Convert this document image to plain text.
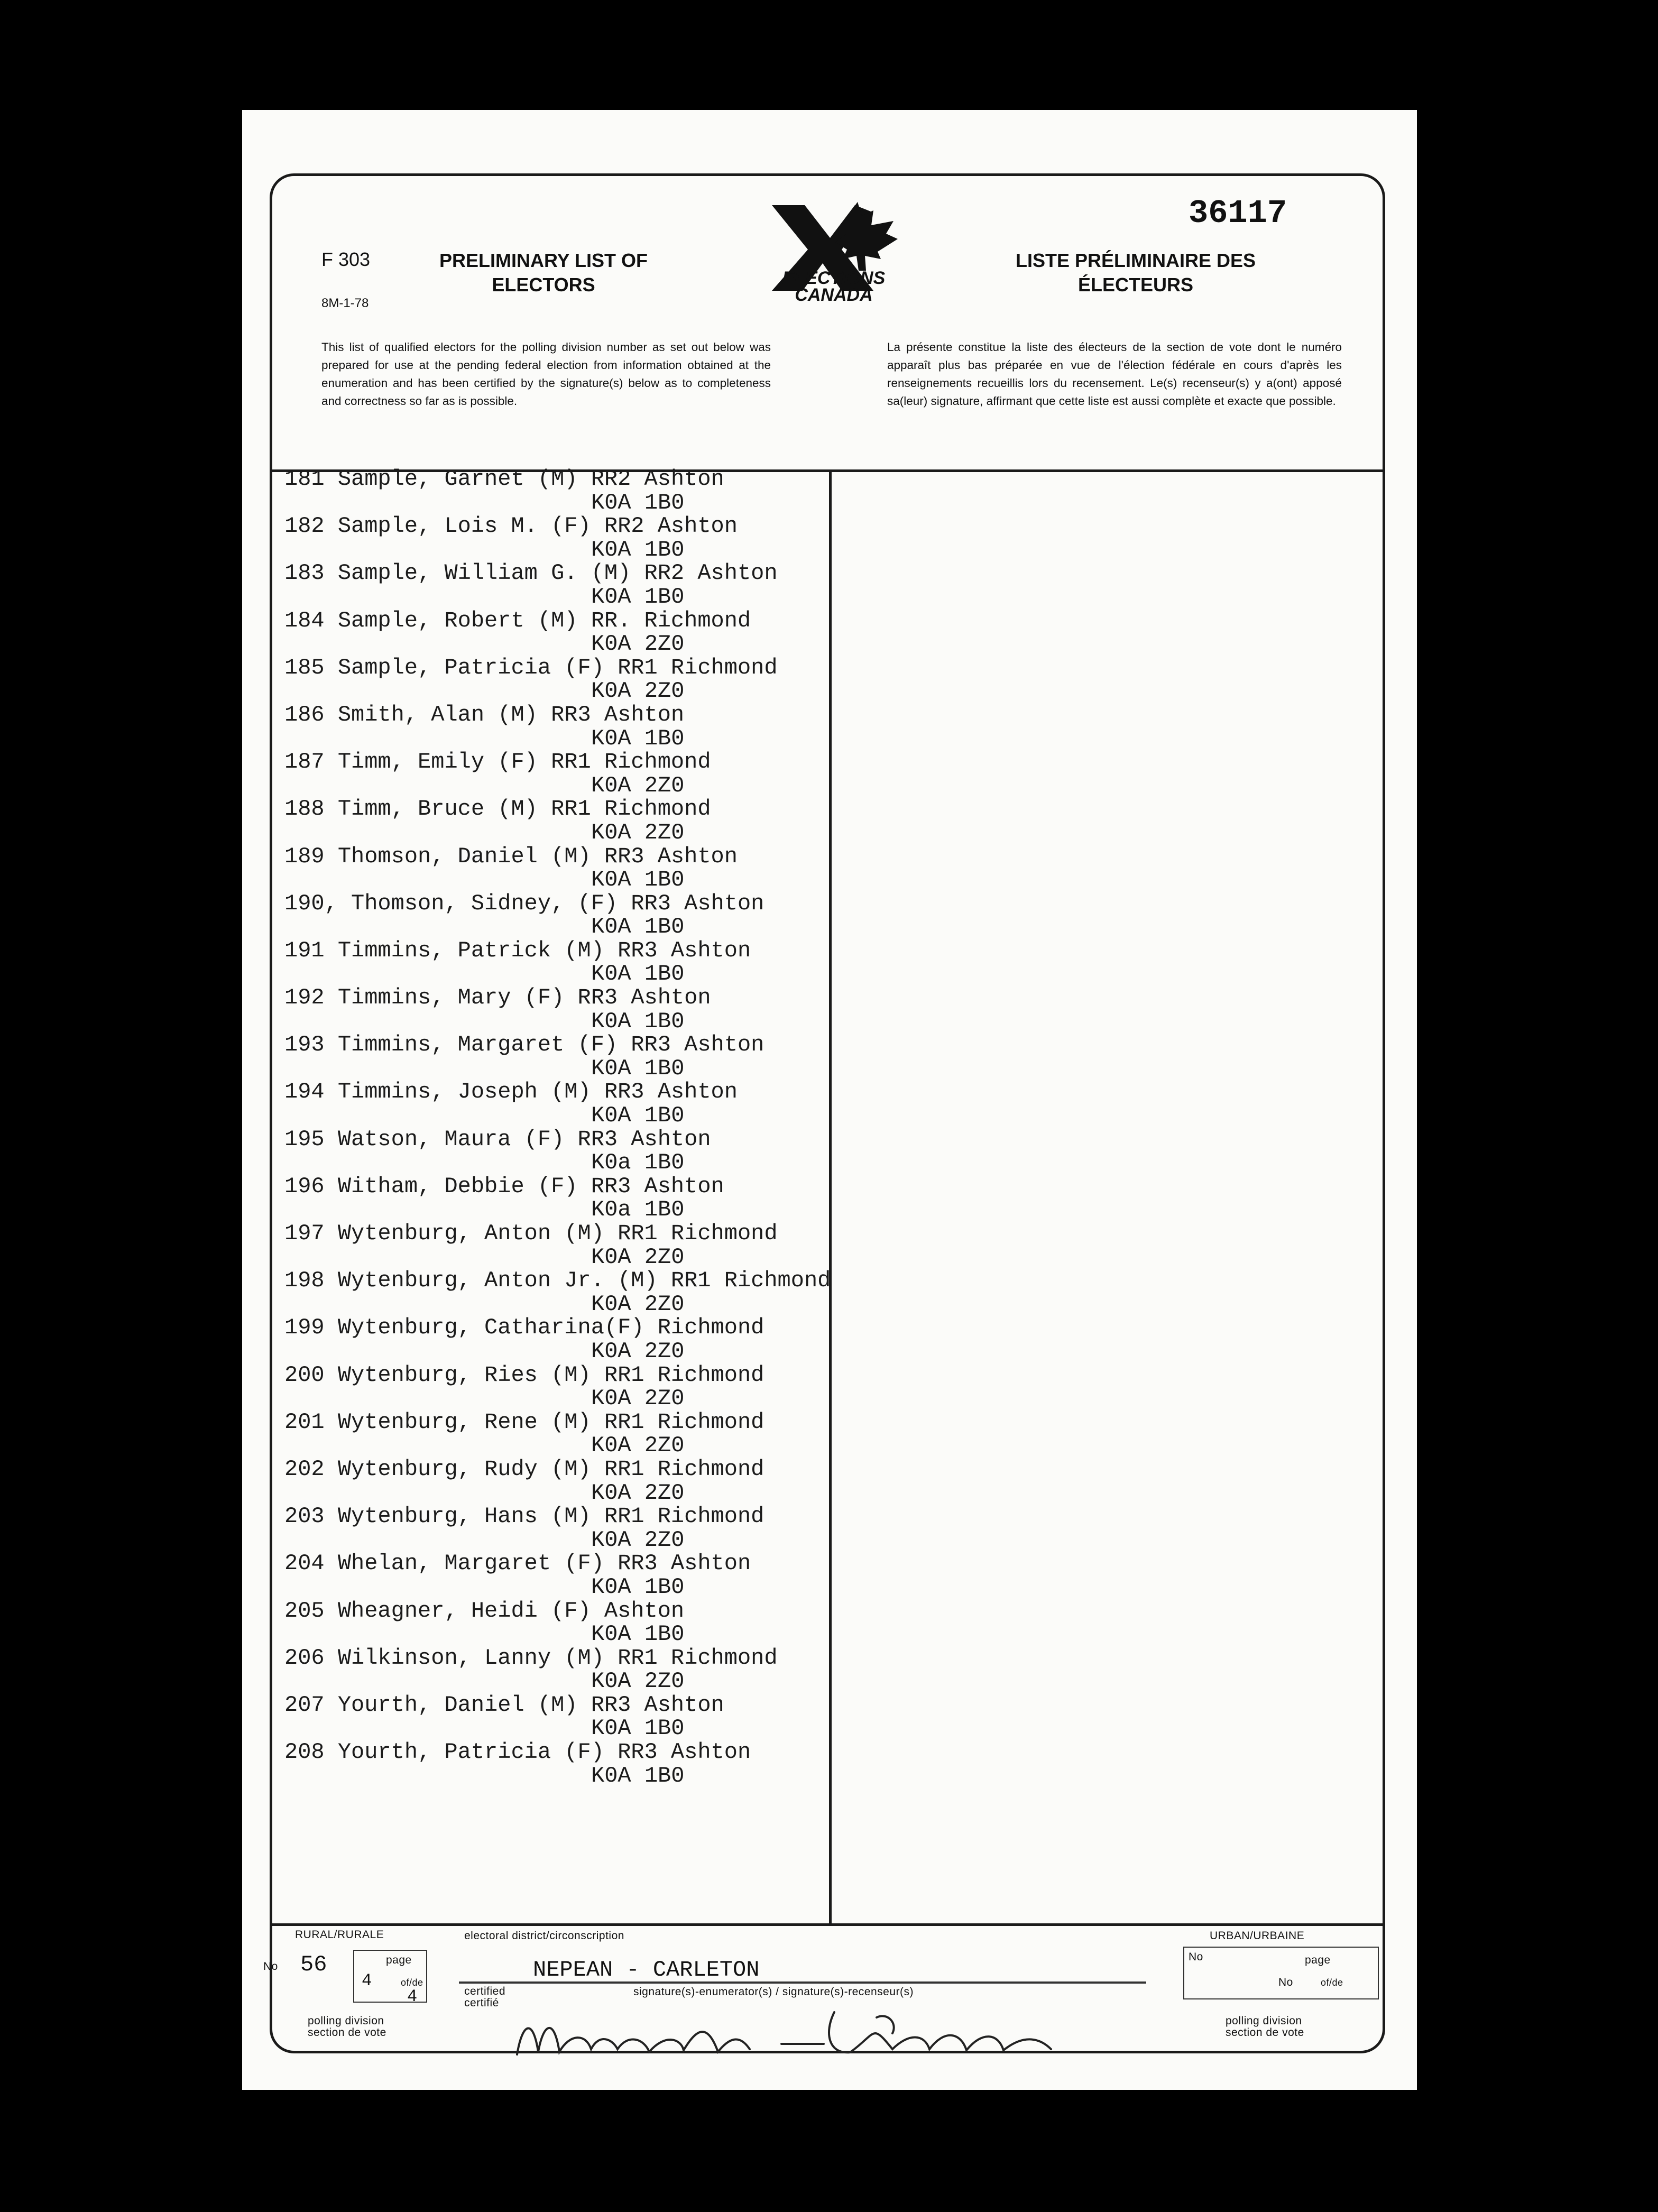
F 303
8M-1-78
PRELIMINARY LIST OF ELECTORS
LISTE PRÉLIMINAIRE DES ÉLECTEURS
36117
ELECTIONS CANADA
This list of qualified electors for the polling division number as set out below was prepared for use at the pending federal election from information obtained at the enumeration and has been certified by the signature(s) below as to completeness and correctness so far as is possible.
La présente constitue la liste des électeurs de la section de vote dont le numéro apparaît plus bas préparée en vue de l'élection fédérale en cours d'après les renseignements recueillis lors du recensement. Le(s) recenseur(s) y a(ont) apposé sa(leur) signature, affirmant que cette liste est aussi complète et exacte que possible.
181 Sample, Garnet (M) RR2 Ashton
K0A 1B0
182 Sample, Lois M. (F) RR2 Ashton
K0A 1B0
183 Sample, William G. (M) RR2 Ashton
K0A 1B0
184 Sample, Robert (M) RR. Richmond
K0A 2Z0
185 Sample, Patricia (F) RR1 Richmond
K0A 2Z0
186 Smith, Alan (M) RR3 Ashton
K0A 1B0
187 Timm, Emily (F) RR1 Richmond
K0A 2Z0
188 Timm, Bruce (M) RR1 Richmond
K0A 2Z0
189 Thomson, Daniel (M) RR3 Ashton
K0A 1B0
190, Thomson, Sidney, (F) RR3 Ashton
K0A 1B0
191 Timmins, Patrick (M) RR3 Ashton
K0A 1B0
192 Timmins, Mary (F) RR3 Ashton
K0A 1B0
193 Timmins, Margaret (F) RR3 Ashton
K0A 1B0
194 Timmins, Joseph (M) RR3 Ashton
K0A 1B0
195 Watson, Maura (F) RR3 Ashton
K0a 1B0
196 Witham, Debbie (F) RR3 Ashton
K0a 1B0
197 Wytenburg, Anton (M) RR1 Richmond
K0A 2Z0
198 Wytenburg, Anton Jr. (M) RR1 Richmond
K0A 2Z0
199 Wytenburg, Catharina(F) Richmond
K0A 2Z0
200 Wytenburg, Ries (M) RR1 Richmond
K0A 2Z0
201 Wytenburg, Rene (M) RR1 Richmond
K0A 2Z0
202 Wytenburg, Rudy (M) RR1 Richmond
K0A 2Z0
203 Wytenburg, Hans (M) RR1 Richmond
K0A 2Z0
204 Whelan, Margaret (F) RR3 Ashton
K0A 1B0
205 Wheagner, Heidi (F) Ashton
K0A 1B0
206 Wilkinson, Lanny (M) RR1 Richmond
K0A 2Z0
207 Yourth, Daniel (M) RR3 Ashton
K0A 1B0
208 Yourth, Patricia (F) RR3 Ashton
K0A 1B0
RURAL/RURALE
No 56	page
of/de
4
4
polling division section de vote
electoral district/circonscription
NEPEAN - CARLETON
certified certifié
signature(s)-enumerator(s) / signature(s)-recenseur(s)
URBAN/URBAINE
No	page
No	of/de
polling division section de vote
